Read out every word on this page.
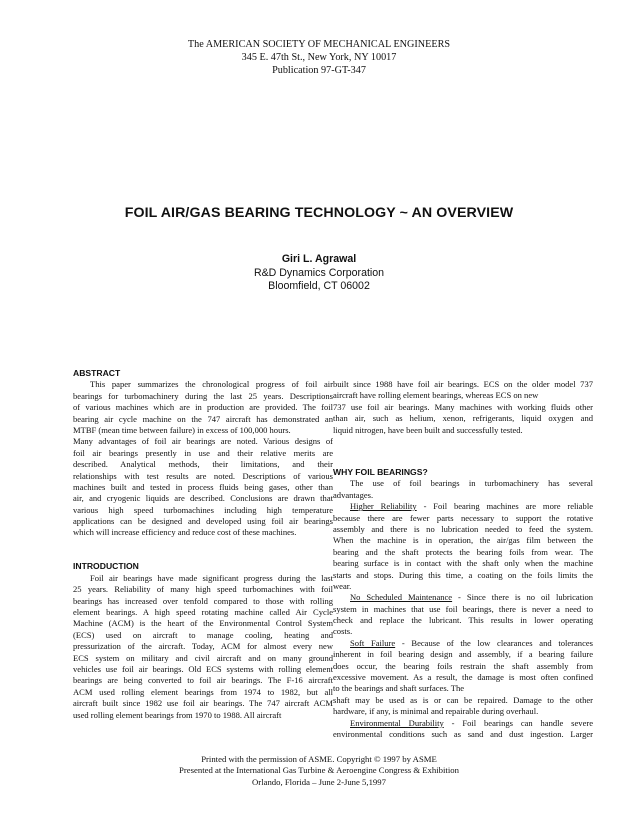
The AMERICAN SOCIETY OF MECHANICAL ENGINEERS
345 E. 47th St., New York, NY 10017
Publication 97-GT-347
FOIL AIR/GAS BEARING TECHNOLOGY ~ AN OVERVIEW
Giri L. Agrawal
R&D Dynamics Corporation
Bloomfield, CT 06002
ABSTRACT
This paper summarizes the chronological progress of foil air
bearings for turbomachinery during the last 25 years. Descriptions
of various machines which are in production are provided. The foil
bearing air cycle machine on the 747 aircraft has demonstrated an
MTBF (mean time between failure) in excess of 100,000 hours.
Many advantages of foil air bearings are noted. Various designs of
foil air bearings presently in use and their relative merits are
described. Analytical methods, their limitations, and their
relationships with test results are noted. Descriptions of various
machines built and tested in process fluids being gases, other than
air, and cryogenic liquids are described. Conclusions are drawn that
various high speed turbomachines including high temperature
applications can be designed and developed using foil air bearings
which will increase efficiency and reduce cost of these machines.
INTRODUCTION
Foil air bearings have made significant progress during the last
25 years. Reliability of many high speed turbomachines with foil
bearings has increased over tenfold compared to those with rolling
element bearings. A high speed rotating machine called Air Cycle
Machine (ACM) is the heart of the Environmental Control System
(ECS) used on aircraft to manage cooling, heating and
pressurization of the aircraft. Today, ACM for almost every new
ECS system on military and civil aircraft and on many ground
vehicles use foil air bearings. Old ECS systems with rolling element
bearings are being converted to foil air bearings. The F-16 aircraft
ACM used rolling element bearings from 1974 to 1982, but all
aircraft built since 1982 use foil air bearings. The 747 aircraft ACM
used rolling element bearings from 1970 to 1988. All aircraft
built since 1988 have foil air bearings. ECS on the older model 737
aircraft have rolling element bearings, whereas ECS on new
737 use foil air bearings. Many machines with working fluids other
than air, such as helium, xenon, refrigerants, liquid oxygen and
liquid nitrogen, have been built and successfully tested.
WHY FOIL BEARINGS?
The use of foil bearings in turbomachinery has several
advantages.
Higher Reliability - Foil bearing machines are more reliable
because there are fewer parts necessary to support the rotative
assembly and there is no lubrication needed to feed the system.
When the machine is in operation, the air/gas film between the
bearing and the shaft protects the bearing foils from wear. The
bearing surface is in contact with the shaft only when the machine
starts and stops. During this time, a coating on the foils limits the
wear.
No Scheduled Maintenance - Since there is no oil lubrication
system in machines that use foil bearings, there is never a need to
check and replace the lubricant. This results in lower operating
costs.
Soft Failure - Because of the low clearances and tolerances
inherent in foil bearing design and assembly, if a bearing failure
does occur, the bearing foils restrain the shaft assembly from
excessive movement. As a result, the damage is most often confined
to the bearings and shaft surfaces. The
shaft may be used as is or can be repaired. Damage to the other
hardware, if any, is minimal and repairable during overhaul.
Environmental Durability - Foil bearings can handle severe
environmental conditions such as sand and dust ingestion. Larger
Printed with the permission of ASME. Copyright © 1997 by ASME
Presented at the International Gas Turbine & Aeroengine Congress & Exhibition
Orlando, Florida – June 2-June 5,1997
